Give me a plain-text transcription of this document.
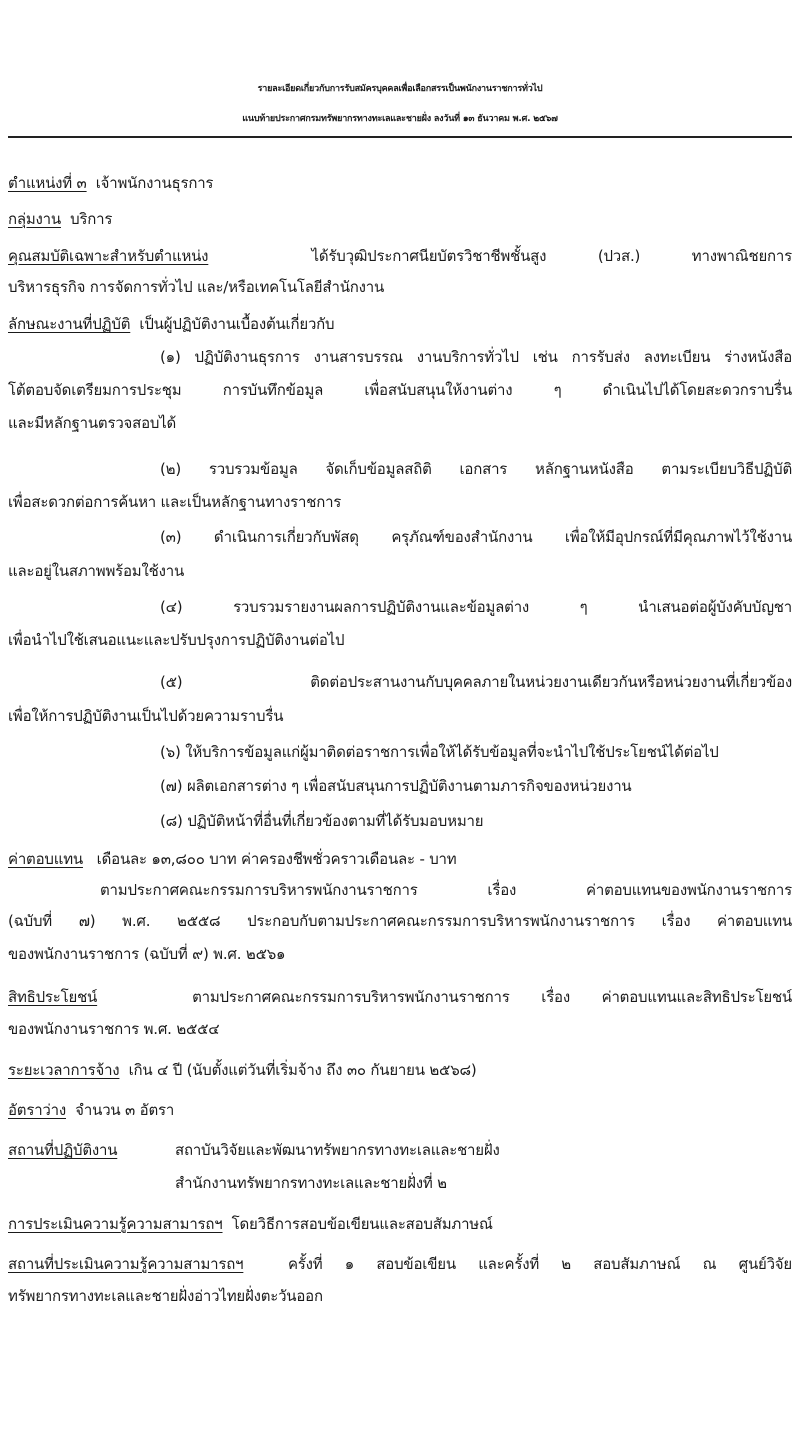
รายละเอียดเกี่ยวกับการรับสมัครบุคคลเพื่อเลือกสรรเป็นพนักงานราชการทั่วไป
แนบท้ายประกาศกรมทรัพยากรทางทะเลและชายฝั่ง ลงวันที่ ๑๓ ธันวาคม พ.ศ. ๒๕๖๗
ตำแหน่งที่ ๓ เจ้าพนักงานธุรการ
กลุ่มงาน บริการ
คุณสมบัติเฉพาะสำหรับตำแหน่ง	ได้รับวุฒิประกาศนียบัตรวิชาชีพชั้นสูง (ปวส.) ทางพาณิชยการ
บริหารธุรกิจ การจัดการทั่วไป และ/หรือเทคโนโลยีสำนักงาน
ลักษณะงานที่ปฏิบัติ เป็นผู้ปฏิบัติงานเบื้องต้นเกี่ยวกับ
(๑) ปฏิบัติงานธุรการ งานสารบรรณ งานบริการทั่วไป เช่น การรับส่ง ลงทะเบียน ร่างหนังสือ
โต้ตอบจัดเตรียมการประชุม การบันทึกข้อมูล เพื่อสนับสนุนให้งานต่าง ๆ ดำเนินไปได้โดยสะดวกราบรื่น
และมีหลักฐานตรวจสอบได้
(๒) รวบรวมข้อมูล จัดเก็บข้อมูลสถิติ เอกสาร หลักฐานหนังสือ ตามระเบียบวิธีปฏิบัติ
เพื่อสะดวกต่อการค้นหา และเป็นหลักฐานทางราชการ
(๓) ดำเนินการเกี่ยวกับพัสดุ ครุภัณฑ์ของสำนักงาน เพื่อให้มีอุปกรณ์ที่มีคุณภาพไว้ใช้งาน
และอยู่ในสภาพพร้อมใช้งาน
(๔) รวบรวมรายงานผลการปฏิบัติงานและข้อมูลต่าง ๆ นำเสนอต่อผู้บังคับบัญชา
เพื่อนำไปใช้เสนอแนะและปรับปรุงการปฏิบัติงานต่อไป
(๕) ติดต่อประสานงานกับบุคคลภายในหน่วยงานเดียวกันหรือหน่วยงานที่เกี่ยวข้อง
เพื่อให้การปฏิบัติงานเป็นไปด้วยความราบรื่น
(๖) ให้บริการข้อมูลแก่ผู้มาติดต่อราชการเพื่อให้ได้รับข้อมูลที่จะนำไปใช้ประโยชน์ได้ต่อไป
(๗) ผลิตเอกสารต่าง ๆ เพื่อสนับสนุนการปฏิบัติงานตามภารกิจของหน่วยงาน
(๘) ปฏิบัติหน้าที่อื่นที่เกี่ยวข้องตามที่ได้รับมอบหมาย
ค่าตอบแทน เดือนละ ๑๓,๘๐๐ บาท ค่าครองชีพชั่วคราวเดือนละ - บาท
ตามประกาศคณะกรรมการบริหารพนักงานราชการ เรื่อง ค่าตอบแทนของพนักงานราชการ
(ฉบับที่ ๗) พ.ศ. ๒๕๕๘ ประกอบกับตามประกาศคณะกรรมการบริหารพนักงานราชการ เรื่อง ค่าตอบแทน
ของพนักงานราชการ (ฉบับที่ ๙) พ.ศ. ๒๕๖๑
สิทธิประโยชน์	ตามประกาศคณะกรรมการบริหารพนักงานราชการ เรื่อง ค่าตอบแทนและสิทธิประโยชน์
ของพนักงานราชการ พ.ศ. ๒๕๕๔
ระยะเวลาการจ้าง เกิน ๔ ปี (นับตั้งแต่วันที่เริ่มจ้าง ถึง ๓๐ กันยายน ๒๕๖๘)
อัตราว่าง จำนวน ๓ อัตรา
สถานที่ปฏิบัติงาน	สถาบันวิจัยและพัฒนาทรัพยากรทางทะเลและชายฝั่ง
สำนักงานทรัพยากรทางทะเลและชายฝั่งที่ ๒
การประเมินความรู้ความสามารถฯ โดยวิธีการสอบข้อเขียนและสอบสัมภาษณ์
สถานที่ประเมินความรู้ความสามารถฯ	ครั้งที่ ๑ สอบข้อเขียน และครั้งที่ ๒ สอบสัมภาษณ์ ณ ศูนย์วิจัย
ทรัพยากรทางทะเลและชายฝั่งอ่าวไทยฝั่งตะวันออก
